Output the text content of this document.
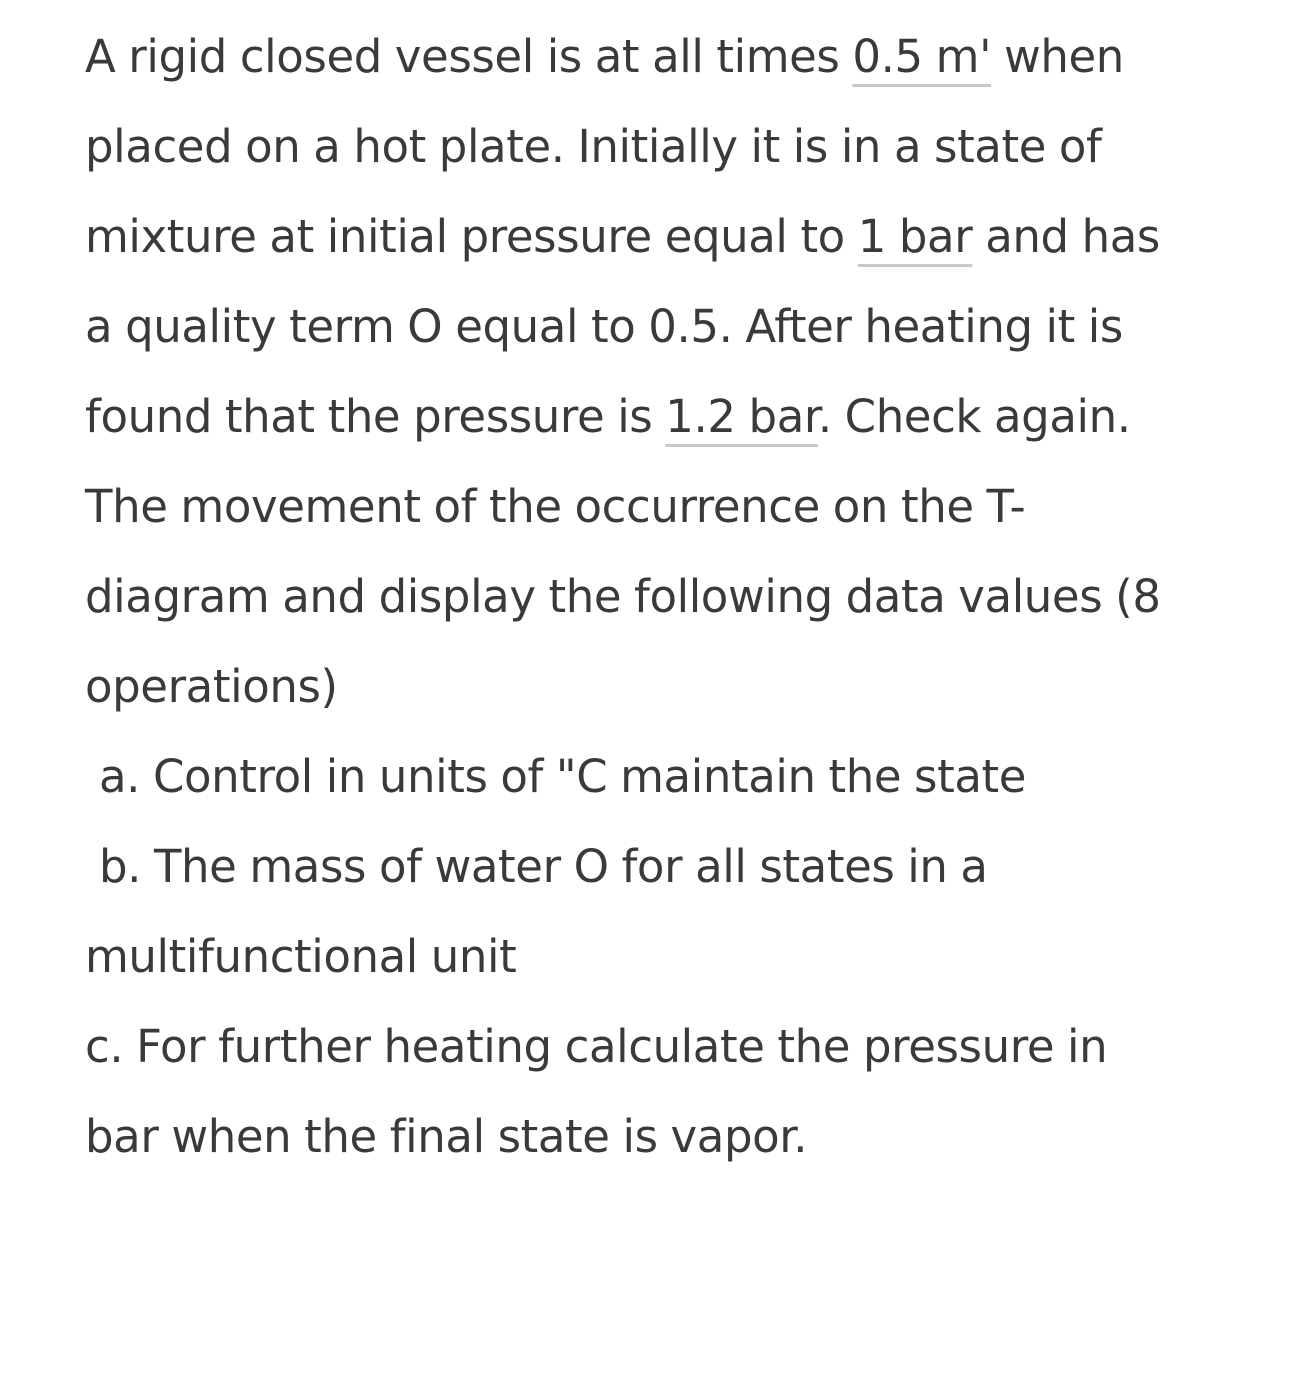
A rigid closed vessel is at all times 0.5 m' when
placed on a hot plate. Initially it is in a state of
mixture at initial pressure equal to 1 bar and has
a quality term O equal to 0.5. After heating it is
found that the pressure is 1.2 bar. Check again.
The movement of the occurrence on the T-
diagram and display the following data values (8
operations)
a. Control in units of "C maintain the state
b. The mass of water O for all states in a
multifunctional unit
c. For further heating calculate the pressure in
bar when the final state is vapor.
